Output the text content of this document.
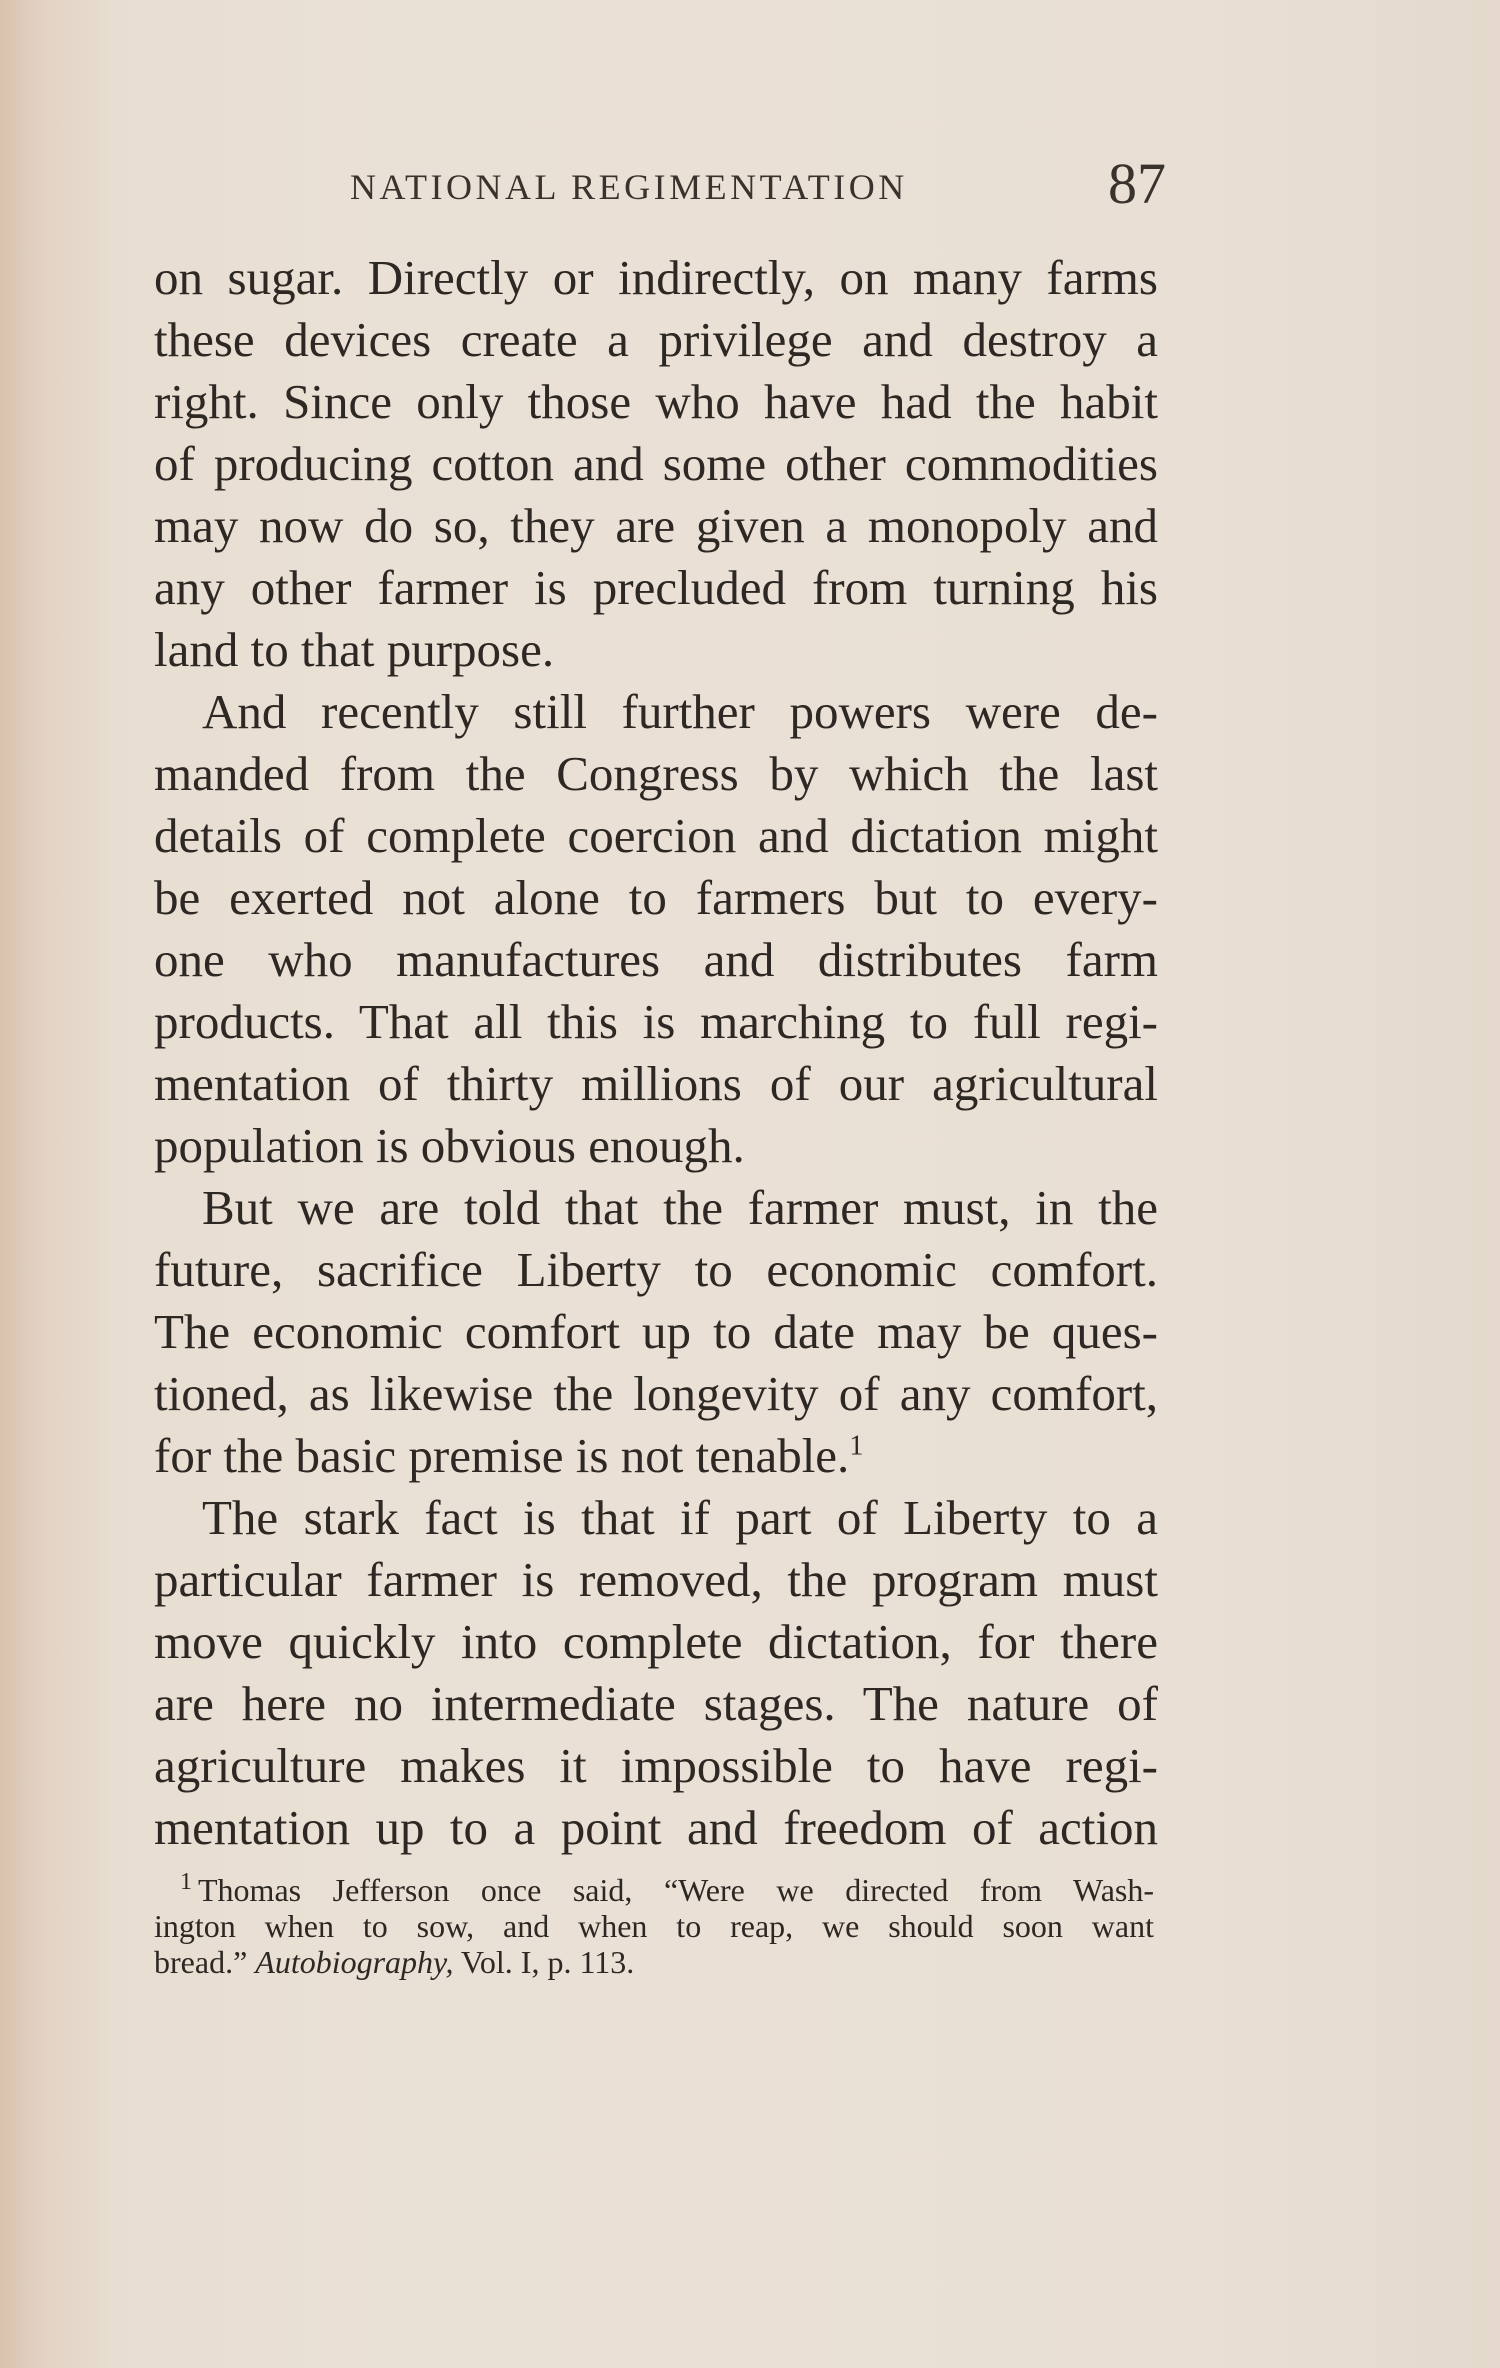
NATIONAL REGIMENTATION	87
on sugar. Directly or indirectly, on many farms
these devices create a privilege and destroy a
right. Since only those who have had the habit
of producing cotton and some other commodities
may now do so, they are given a monopoly and
any other farmer is precluded from turning his
land to that purpose.
And recently still further powers were de-
manded from the Congress by which the last
details of complete coercion and dictation might
be exerted not alone to farmers but to every-
one who manufactures and distributes farm
products. That all this is marching to full regi-
mentation of thirty millions of our agricultural
population is obvious enough.
But we are told that the farmer must, in the
future, sacrifice Liberty to economic comfort.
The economic comfort up to date may be ques-
tioned, as likewise the longevity of any comfort,
for the basic premise is not tenable.$^1$
The stark fact is that if part of Liberty to a
particular farmer is removed, the program must
move quickly into complete dictation, for there
are here no intermediate stages. The nature of
agriculture makes it impossible to have regi-
mentation up to a point and freedom of action
$^1$ Thomas Jefferson once said, “Were we directed from Wash-
ington when to sow, and when to reap, we should soon want
bread.” Autobiography, Vol. I, p. 113.
